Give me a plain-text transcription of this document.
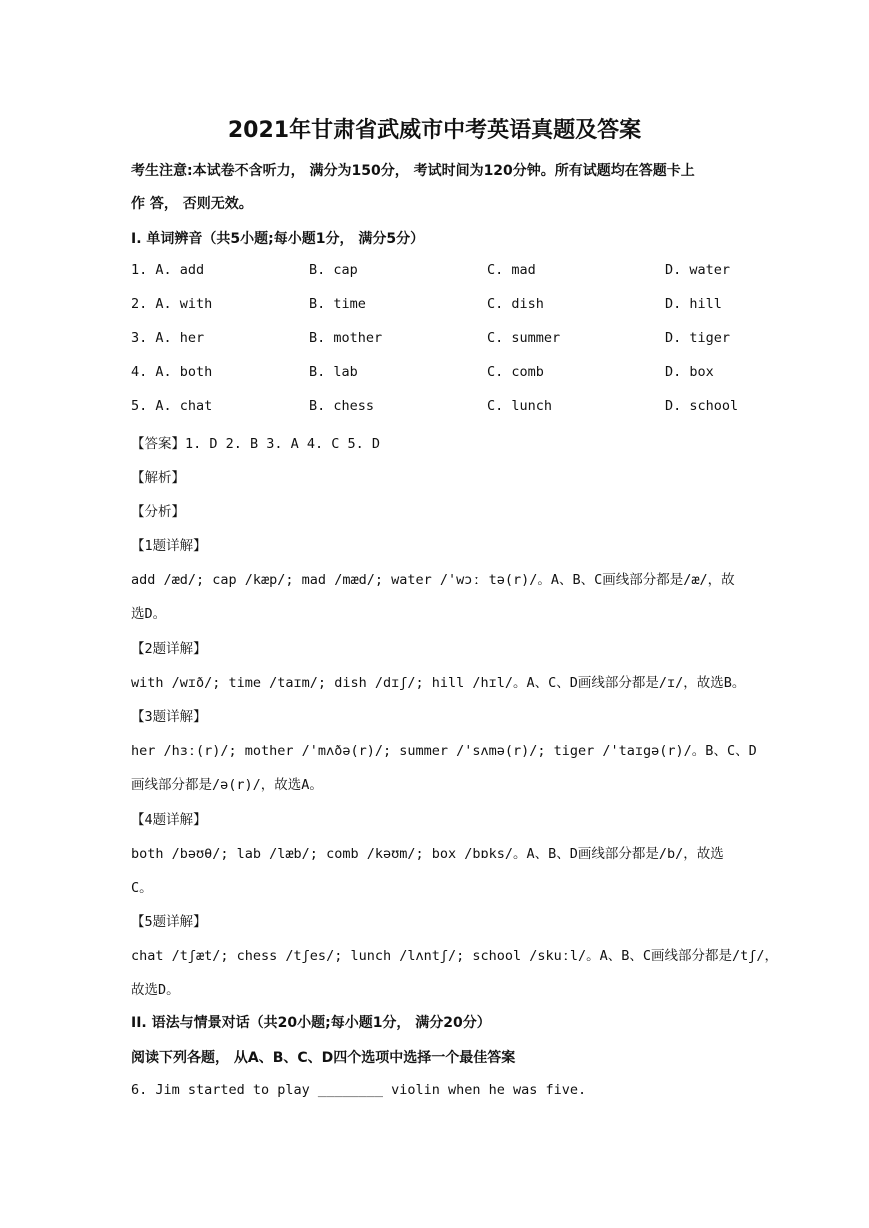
2021年甘肃省武威市中考英语真题及答案
考生注意:本试卷不含听力， 满分为150分， 考试时间为120分钟。所有试题均在答题卡上
作 答， 否则无效。
I. 单词辨音（共5小题;每小题1分， 满分5分）
1. A. add	B. cap	C. mad	D. water
2. A. with	B. time	C. dish	D. hill
3. A. her	B. mother	C. summer	D. tiger
4. A. both	B. lab	C. comb	D. box
5. A. chat	B. chess	C. lunch	D. school
【答案】1. D 2. B 3. A 4. C 5. D
【解析】
【分析】
【1题详解】
add /æd/; cap /kæp/; mad /mæd/; water /'wɔː tə(r)/。A、B、C画线部分都是/æ/，故
选D。
【2题详解】
with /wɪð/; time /taɪm/; dish /dɪʃ/; hill /hɪl/。A、C、D画线部分都是/ɪ/，故选B。
【3题详解】
her /hɜː(r)/; mother /'mʌðə(r)/; summer /'sʌmə(r)/; tiger /'taɪgə(r)/。B、C、D
画线部分都是/ə(r)/，故选A。
【4题详解】
both /bəʊθ/; lab /læb/; comb /kəʊm/; box /bɒks/。A、B、D画线部分都是/b/，故选
C。
【5题详解】
chat /tʃæt/; chess /tʃes/; lunch /lʌntʃ/; school /skuːl/。A、B、C画线部分都是/tʃ/，
故选D。
II. 语法与情景对话（共20小题;每小题1分， 满分20分）
阅读下列各题， 从A、B、C、D四个选项中选择一个最佳答案
6. Jim started to play ________ violin when he was five.
